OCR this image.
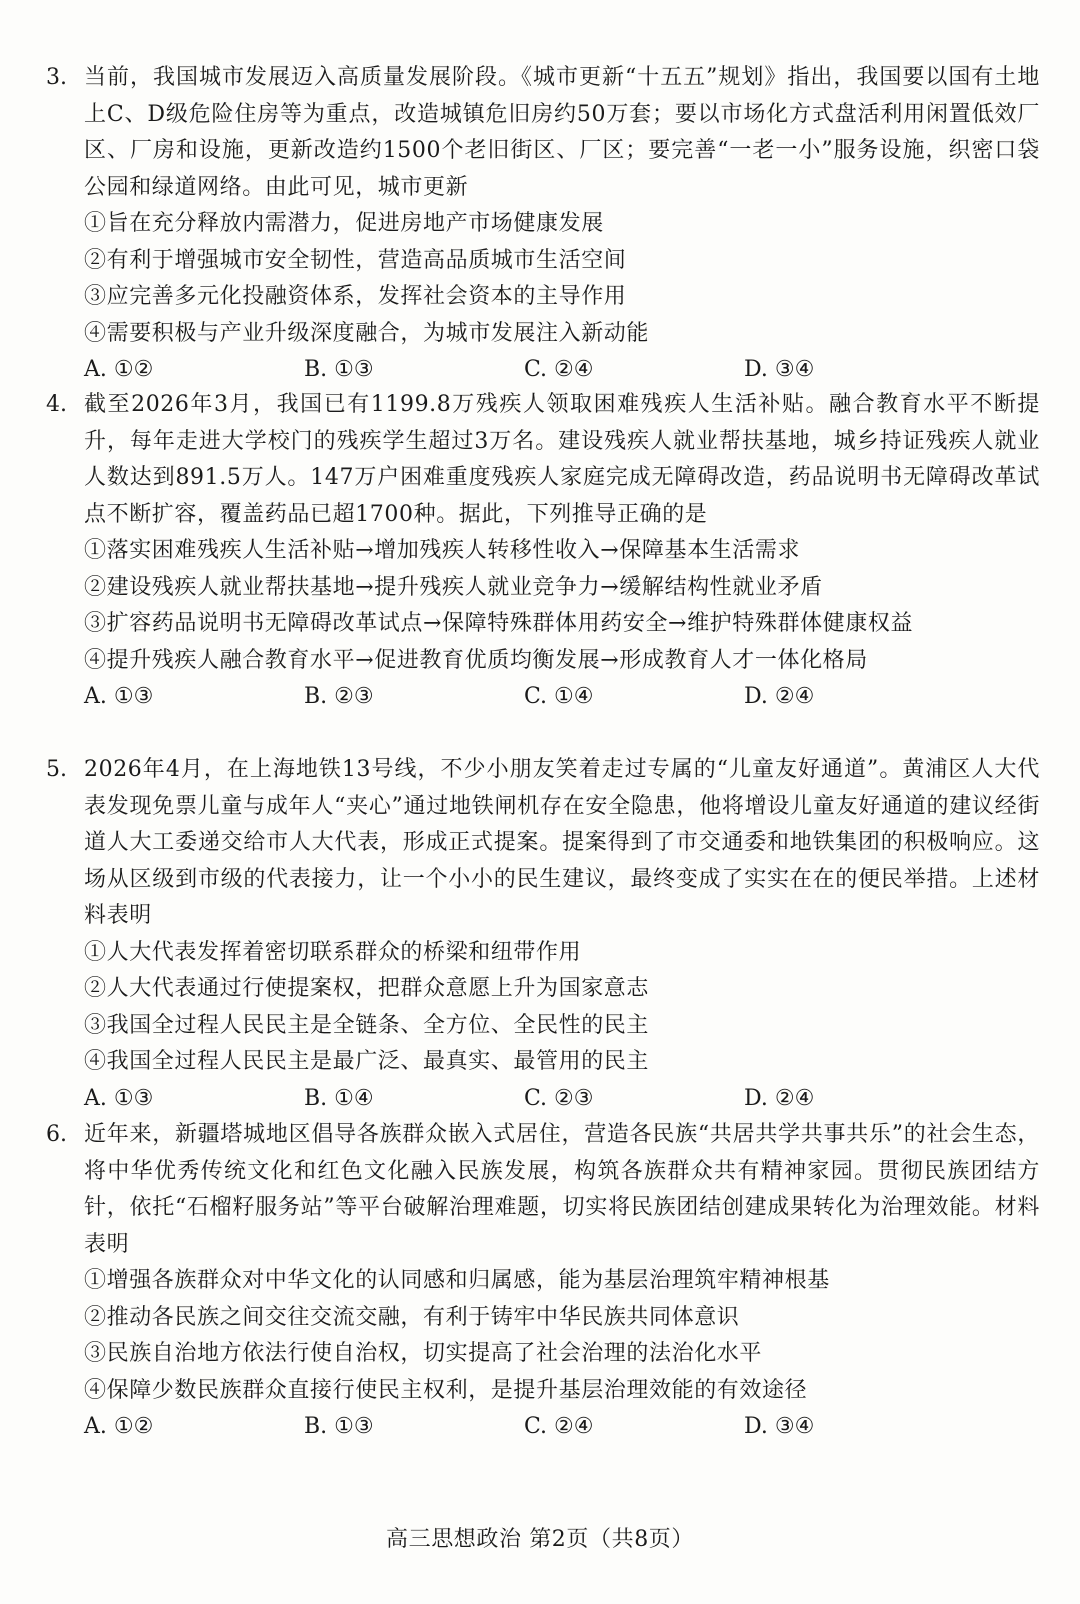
3. 当前，我国城市发展迈入高质量发展阶段。《城市更新“十五五”规划》指出，我国要以国有土地上C、D级危险住房等为重点，改造城镇危旧房约50万套；要以市场化方式盘活利用闲置低效厂区、厂房和设施，更新改造约1500个老旧街区、厂区；要完善“一老一小”服务设施，织密口袋公园和绿道网络。由此可见，城市更新
①旨在充分释放内需潜力，促进房地产市场健康发展
②有利于增强城市安全韧性，营造高品质城市生活空间
③应完善多元化投融资体系，发挥社会资本的主导作用
④需要积极与产业升级深度融合，为城市发展注入新动能
A. ①②	B. ①③	C. ②④	D. ③④
4. 截至2026年3月，我国已有1199.8万残疾人领取困难残疾人生活补贴。融合教育水平不断提升，每年走进大学校门的残疾学生超过3万名。建设残疾人就业帮扶基地，城乡持证残疾人就业人数达到891.5万人。147万户困难重度残疾人家庭完成无障碍改造，药品说明书无障碍改革试点不断扩容，覆盖药品已超1700种。据此，下列推导正确的是
①落实困难残疾人生活补贴→增加残疾人转移性收入→保障基本生活需求
②建设残疾人就业帮扶基地→提升残疾人就业竞争力→缓解结构性就业矛盾
③扩容药品说明书无障碍改革试点→保障特殊群体用药安全→维护特殊群体健康权益
④提升残疾人融合教育水平→促进教育优质均衡发展→形成教育人才一体化格局
A. ①③	B. ②③	C. ①④	D. ②④
5. 2026年4月，在上海地铁13号线，不少小朋友笑着走过专属的“儿童友好通道”。黄浦区人大代表发现免票儿童与成年人“夹心”通过地铁闸机存在安全隐患，他将增设儿童友好通道的建议经街道人大工委递交给市人大代表，形成正式提案。提案得到了市交通委和地铁集团的积极响应。这场从区级到市级的代表接力，让一个小小的民生建议，最终变成了实实在在的便民举措。上述材料表明
①人大代表发挥着密切联系群众的桥梁和纽带作用
②人大代表通过行使提案权，把群众意愿上升为国家意志
③我国全过程人民民主是全链条、全方位、全民性的民主
④我国全过程人民民主是最广泛、最真实、最管用的民主
A. ①③	B. ①④	C. ②③	D. ②④
6. 近年来，新疆塔城地区倡导各族群众嵌入式居住，营造各民族“共居共学共事共乐”的社会生态，将中华优秀传统文化和红色文化融入民族发展，构筑各族群众共有精神家园。贯彻民族团结方针，依托“石榴籽服务站”等平台破解治理难题，切实将民族团结创建成果转化为治理效能。材料表明
①增强各族群众对中华文化的认同感和归属感，能为基层治理筑牢精神根基
②推动各民族之间交往交流交融，有利于铸牢中华民族共同体意识
③民族自治地方依法行使自治权，切实提高了社会治理的法治化水平
④保障少数民族群众直接行使民主权利，是提升基层治理效能的有效途径
A. ①②	B. ①③	C. ②④	D. ③④
高三思想政治 第2页（共8页）
